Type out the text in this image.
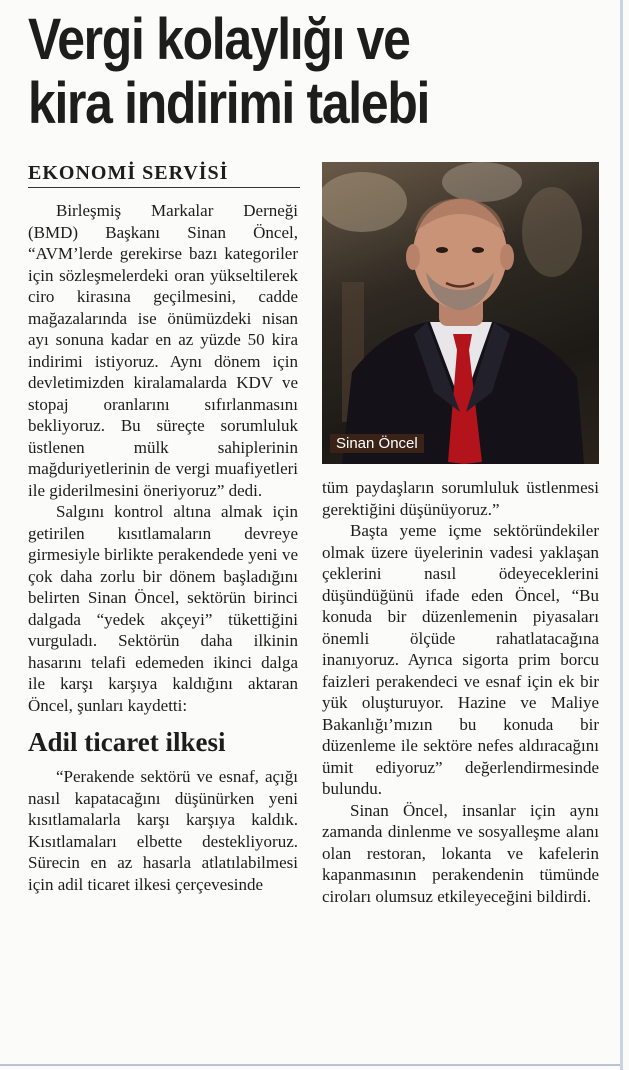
Vergi kolaylığı ve
kira indirimi talebi
EKONOMİ SERVİSİ

Birleşmiş Markalar Derneği (BMD) Başkanı Sinan Öncel, “AVM’lerde gerekirse bazı kategoriler için sözleşmelerdeki oran yükseltilerek ciro kirasına geçilmesini, cadde mağazalarında ise önümüzdeki nisan ayı sonuna kadar en az yüzde 50 kira indirimi istiyoruz. Aynı dönem için devletimizden kiralamalarda KDV ve stopaj oranlarını sıfırlanmasını bekliyoruz. Bu süreçte sorumluluk üstlenen mülk sahiplerinin mağduriyetlerinin de vergi muafiyetleri ile giderilmesini öneriyoruz” dedi.

Salgını kontrol altına almak için getirilen kısıtlamaların devreye girmesiyle birlikte perakendede yeni ve çok daha zorlu bir dönem başladığını belirten Sinan Öncel, sektörün birinci dalgada “yedek akçeyi” tükettiğini vurguladı. Sektörün daha ilkinin hasarını telafi edemeden ikinci dalga ile karşı karşıya kaldığını aktaran Öncel, şunları kaydetti:

Adil ticaret ilkesi

“Perakende sektörü ve esnaf, açığı nasıl kapatacağını düşünürken yeni kısıtlamalarla karşı karşıya kaldık. Kısıtlamaları elbette destekliyoruz. Sürecin en az hasarla atlatılabilmesi için adil ticaret ilkesi çerçevesinde

Sinan Öncel

tüm paydaşların sorumluluk üstlenmesi gerektiğini düşünüyoruz.”

Başta yeme içme sektöründekiler olmak üzere üyelerinin vadesi yaklaşan çeklerini nasıl ödeyeceklerini düşündüğünü ifade eden Öncel, “Bu konuda bir düzenlemenin piyasaları önemli ölçüde rahatlatacağına inanıyoruz. Ayrıca sigorta prim borcu faizleri perakendeci ve esnaf için ek bir yük oluşturuyor. Hazine ve Maliye Bakanlığı’mızın bu konuda bir düzenleme ile sektöre nefes aldıracağını ümit ediyoruz” değerlendirmesinde bulundu.

Sinan Öncel, insanlar için aynı zamanda dinlenme ve sosyalleşme alanı olan restoran, lokanta ve kafelerin kapanmasının perakendenin tümünde ciroları olumsuz etkileyeceğini bildirdi.
